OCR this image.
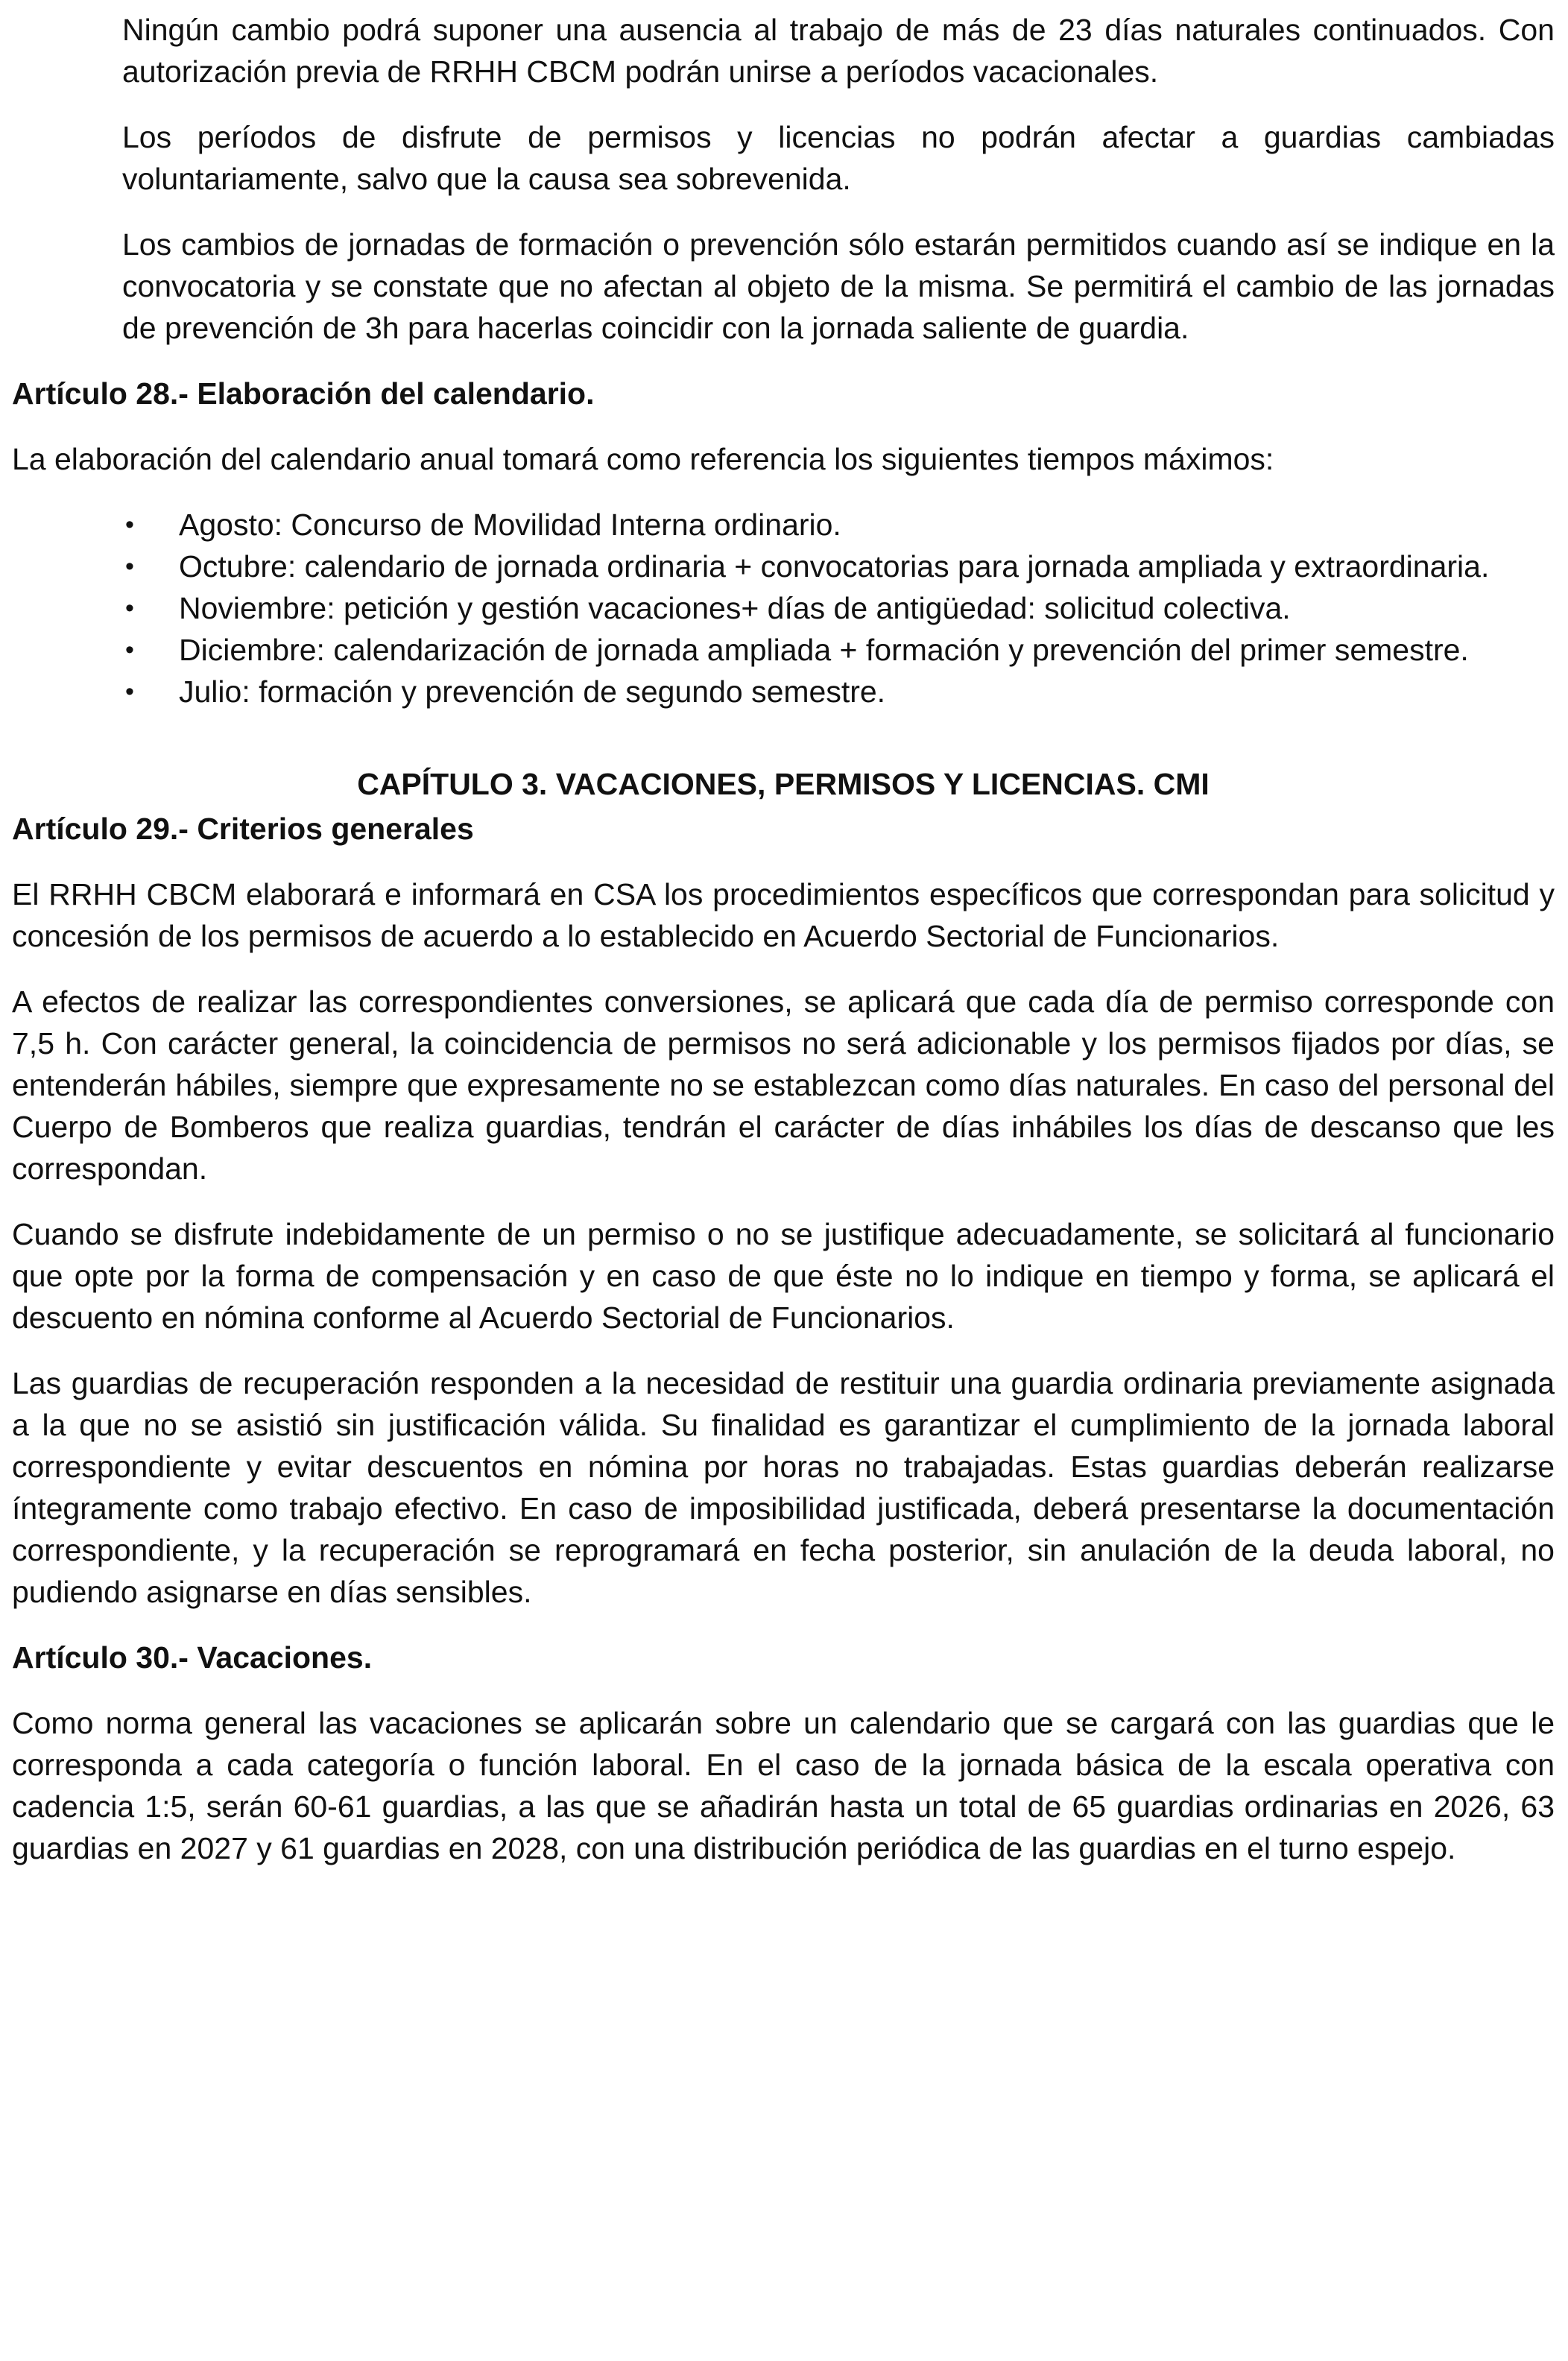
Ningún cambio podrá suponer una ausencia al trabajo de más de 23 días naturales continuados. Con autorización previa de RRHH CBCM podrán unirse a períodos vacacionales.

Los períodos de disfrute de permisos y licencias no podrán afectar a guardias cambiadas voluntariamente, salvo que la causa sea sobrevenida.

Los cambios de jornadas de formación o prevención sólo estarán permitidos cuando así se indique en la convocatoria y se constate que no afectan al objeto de la misma. Se permitirá el cambio de las jornadas de prevención de 3h para hacerlas coincidir con la jornada saliente de guardia.

Artículo 28.- Elaboración del calendario.

La elaboración del calendario anual tomará como referencia los siguientes tiempos máximos:

• Agosto: Concurso de Movilidad Interna ordinario.
• Octubre: calendario de jornada ordinaria + convocatorias para jornada ampliada y extraordinaria.
• Noviembre: petición y gestión vacaciones+ días de antigüedad: solicitud colectiva.
• Diciembre: calendarización de jornada ampliada + formación y prevención del primer semestre.
• Julio: formación y prevención de segundo semestre.

CAPÍTULO 3. VACACIONES, PERMISOS Y LICENCIAS. CMI

Artículo 29.- Criterios generales

El RRHH CBCM elaborará e informará en CSA los procedimientos específicos que correspondan para solicitud y concesión de los permisos de acuerdo a lo establecido en Acuerdo Sectorial de Funcionarios.

A efectos de realizar las correspondientes conversiones, se aplicará que cada día de permiso corresponde con 7,5 h. Con carácter general, la coincidencia de permisos no será adicionable y los permisos fijados por días, se entenderán hábiles, siempre que expresamente no se establezcan como días naturales. En caso del personal del Cuerpo de Bomberos que realiza guardias, tendrán el carácter de días inhábiles los días de descanso que les correspondan.

Cuando se disfrute indebidamente de un permiso o no se justifique adecuadamente, se solicitará al funcionario que opte por la forma de compensación y en caso de que éste no lo indique en tiempo y forma, se aplicará el descuento en nómina conforme al Acuerdo Sectorial de Funcionarios.

Las guardias de recuperación responden a la necesidad de restituir una guardia ordinaria previamente asignada a la que no se asistió sin justificación válida. Su finalidad es garantizar el cumplimiento de la jornada laboral correspondiente y evitar descuentos en nómina por horas no trabajadas. Estas guardias deberán realizarse íntegramente como trabajo efectivo. En caso de imposibilidad justificada, deberá presentarse la documentación correspondiente, y la recuperación se reprogramará en fecha posterior, sin anulación de la deuda laboral, no pudiendo asignarse en días sensibles.

Artículo 30.- Vacaciones.

Como norma general las vacaciones se aplicarán sobre un calendario que se cargará con las guardias que le corresponda a cada categoría o función laboral. En el caso de la jornada básica de la escala operativa con cadencia 1:5, serán 60-61 guardias, a las que se añadirán hasta un total de 65 guardias ordinarias en 2026, 63 guardias en 2027 y 61 guardias en 2028, con una distribución periódica de las guardias en el turno espejo.
